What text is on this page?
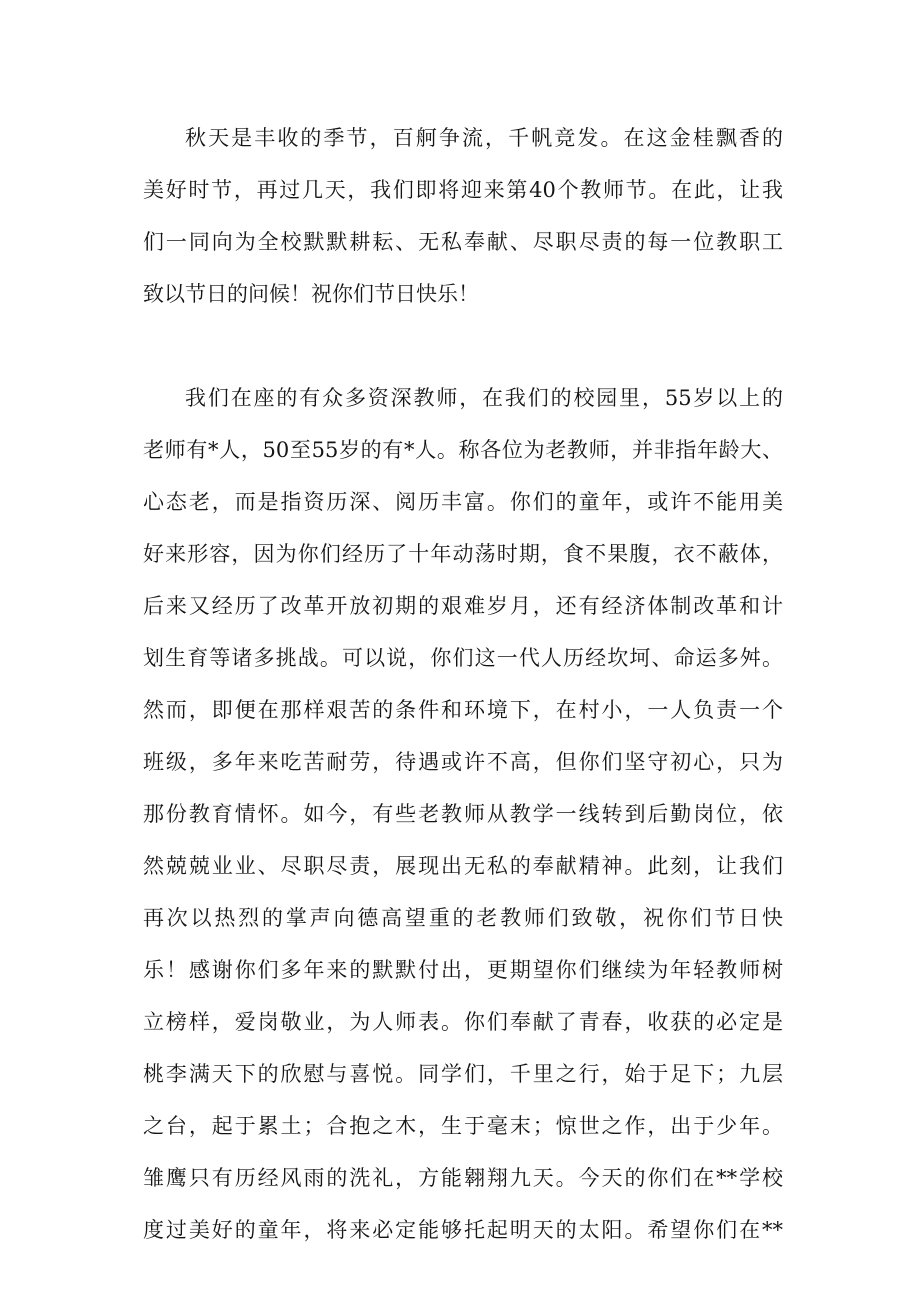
秋天是丰收的季节，百舸争流，千帆竞发。在这金桂飘香的
美好时节，再过几天，我们即将迎来第40个教师节。在此，让我
们一同向为全校默默耕耘、无私奉献、尽职尽责的每一位教职工
致以节日的问候！祝你们节日快乐！
我们在座的有众多资深教师，在我们的校园里，55岁以上的
老师有*人，50至55岁的有*人。称各位为老教师，并非指年龄大、
心态老，而是指资历深、阅历丰富。你们的童年，或许不能用美
好来形容，因为你们经历了十年动荡时期，食不果腹，衣不蔽体，
后来又经历了改革开放初期的艰难岁月，还有经济体制改革和计
划生育等诸多挑战。可以说，你们这一代人历经坎坷、命运多舛。
然而，即便在那样艰苦的条件和环境下，在村小，一人负责一个
班级，多年来吃苦耐劳，待遇或许不高，但你们坚守初心，只为
那份教育情怀。如今，有些老教师从教学一线转到后勤岗位，依
然兢兢业业、尽职尽责，展现出无私的奉献精神。此刻，让我们
再次以热烈的掌声向德高望重的老教师们致敬，祝你们节日快
乐！感谢你们多年来的默默付出，更期望你们继续为年轻教师树
立榜样，爱岗敬业，为人师表。你们奉献了青春，收获的必定是
桃李满天下的欣慰与喜悦。同学们，千里之行，始于足下；九层
之台，起于累土；合抱之木，生于毫末；惊世之作，出于少年。
雏鹰只有历经风雨的洗礼，方能翱翔九天。今天的你们在**学校
度过美好的童年，将来必定能够托起明天的太阳。希望你们在**
